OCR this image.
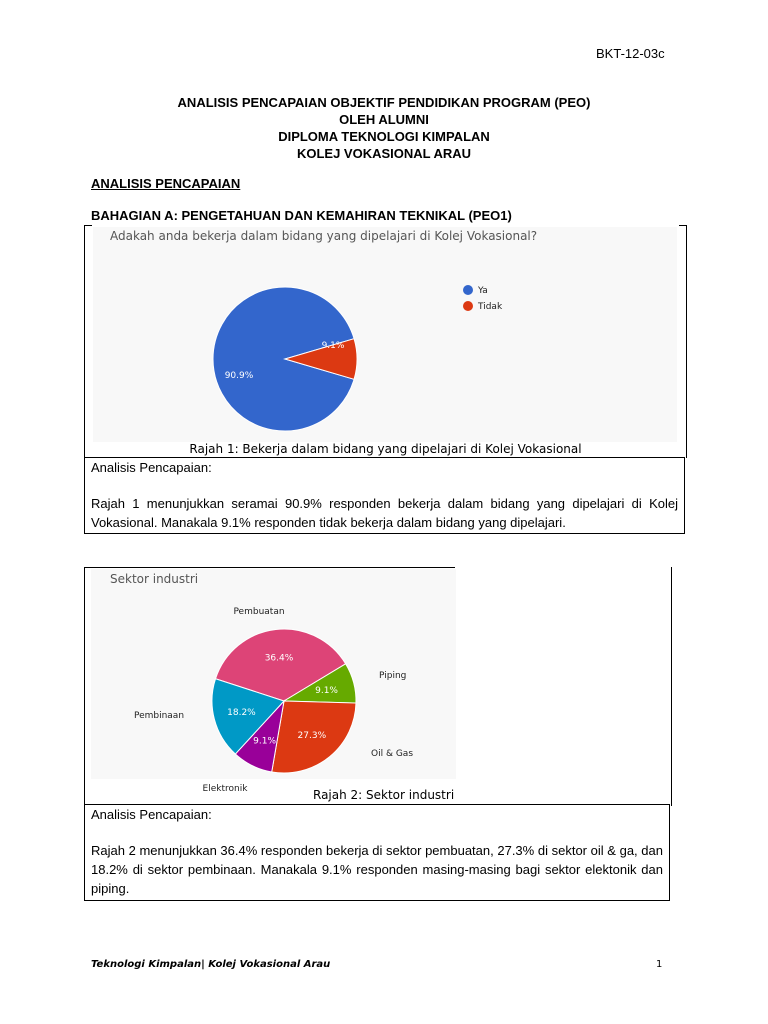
BKT-12-03c
ANALISIS PENCAPAIAN OBJEKTIF PENDIDIKAN PROGRAM (PEO)
OLEH ALUMNI
DIPLOMA TEKNOLOGI KIMPALAN
KOLEJ VOKASIONAL ARAU
ANALISIS PENCAPAIAN
BAHAGIAN A: PENGETAHUAN DAN KEMAHIRAN TEKNIKAL (PEO1)
Adakah anda bekerja dalam bidang yang dipelajari di Kolej Vokasional?
90.9%
9.1%
Ya
Tidak
Rajah 1: Bekerja dalam bidang yang dipelajari di Kolej Vokasional
Analisis Pencapaian:
Rajah 1 menunjukkan seramai 90.9% responden bekerja dalam bidang yang dipelajari di Kolej Vokasional. Manakala 9.1% responden tidak bekerja dalam bidang yang dipelajari.
Sektor industri
36.4%
9.1%
27.3%
9.1%
18.2%
Pembuatan
Piping
Oil & Gas
Elektronik
Pembinaan
Rajah 2: Sektor industri
Analisis Pencapaian:
Rajah 2 menunjukkan 36.4% responden bekerja di sektor pembuatan, 27.3% di sektor oil & ga, dan 18.2% di sektor pembinaan. Manakala 9.1% responden masing-masing bagi sektor elektonik dan piping.
Teknologi Kimpalan| Kolej Vokasional Arau	1
